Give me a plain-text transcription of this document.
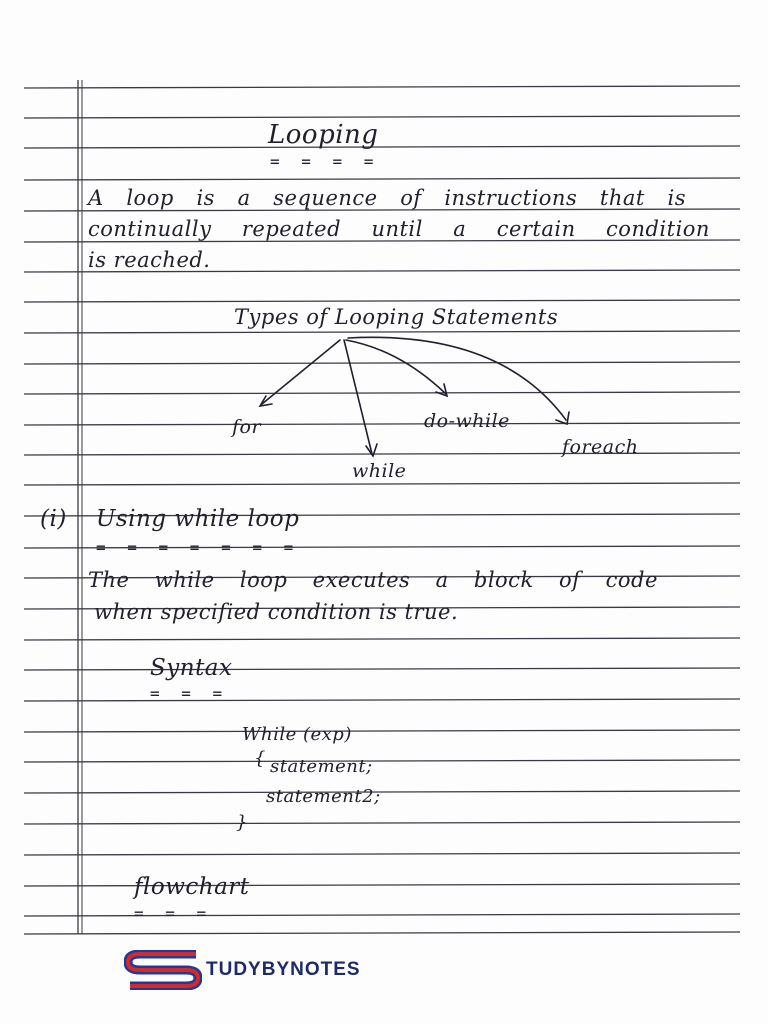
Looping
= = = =
A loop is a sequence of instructions that is
continually repeated until a certain condition
is reached.
Types of Looping Statements
for
while
do-while
foreach
(i) Using while loop
= = = = = = =
The while loop executes a block of code
when specified condition is true.
Syntax
= = =
While (exp)
{ statement;
statement2;
}
flowchart
= = =
TUDYBYNOTES
